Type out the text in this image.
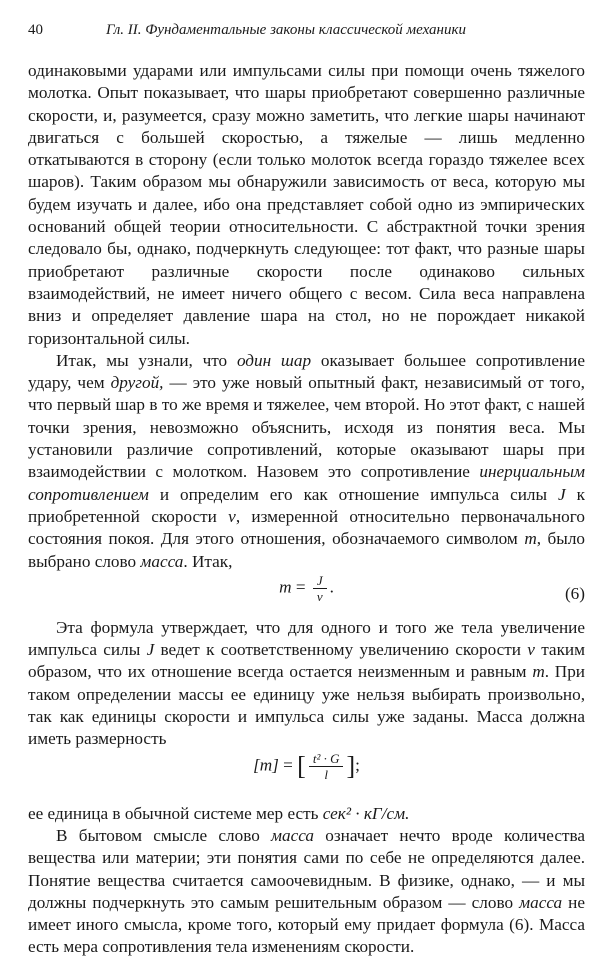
40	Гл. II. Фундаментальные законы классической механики

одинаковыми ударами или импульсами силы при помощи очень тяжелого молотка. Опыт показывает, что шары приобретают совершенно различные скорости, и, разумеется, сразу можно заметить, что легкие шары начинают двигаться с большей скоростью, а тяжелые — лишь медленно откатываются в сторону (если только молоток всегда гораздо тяжелее всех шаров). Таким образом мы обнаружили зависимость от веса, которую мы будем изучать и далее, ибо она представляет собой одно из эмпирических оснований общей теории относительности. С абстрактной точки зрения следовало бы, однако, подчеркнуть следующее: тот факт, что разные шары приобретают различные скорости после одинаково сильных взаимодействий, не имеет ничего общего с весом. Сила веса направлена вниз и определяет давление шара на стол, но не порождает никакой горизонтальной силы.

Итак, мы узнали, что один шар оказывает большее сопротивление удару, чем другой, — это уже новый опытный факт, независимый от того, что первый шар в то же время и тяжелее, чем второй. Но этот факт, с нашей точки зрения, невозможно объяснить, исходя из понятия веса. Мы установили различие сопротивлений, которые оказывают шары при взаимодействии с молотком. Назовем это сопротивление инерциальным сопротивлением и определим его как отношение импульса силы J к приобретенной скорости v, измеренной относительно первоначального состояния покоя. Для этого отношения, обозначаемого символом m, было выбрано слово масса. Итак,

$m = \frac{J}{v}$ .	(6)

Эта формула утверждает, что для одного и того же тела увеличение импульса силы J ведет к соответственному увеличению скорости v таким образом, что их отношение всегда остается неизменным и равным m. При таком определении массы ее единицу уже нельзя выбирать произвольно, так как единицы скорости и импульса силы уже заданы. Масса должна иметь размерность

[m] = [ $\frac{\text{t² · G}}{l}$ ];

ее единица в обычной системе мер есть сек² · кГ/см.

В бытовом смысле слово масса означает нечто вроде количества вещества или материи; эти понятия сами по себе не определяются далее. Понятие вещества считается самоочевидным. В физике, однако, — и мы должны подчеркнуть это самым решительным образом — слово масса не имеет иного смысла, кроме того, который ему придает формула (6). Масса есть мера сопротивления тела изменениям скорости.
